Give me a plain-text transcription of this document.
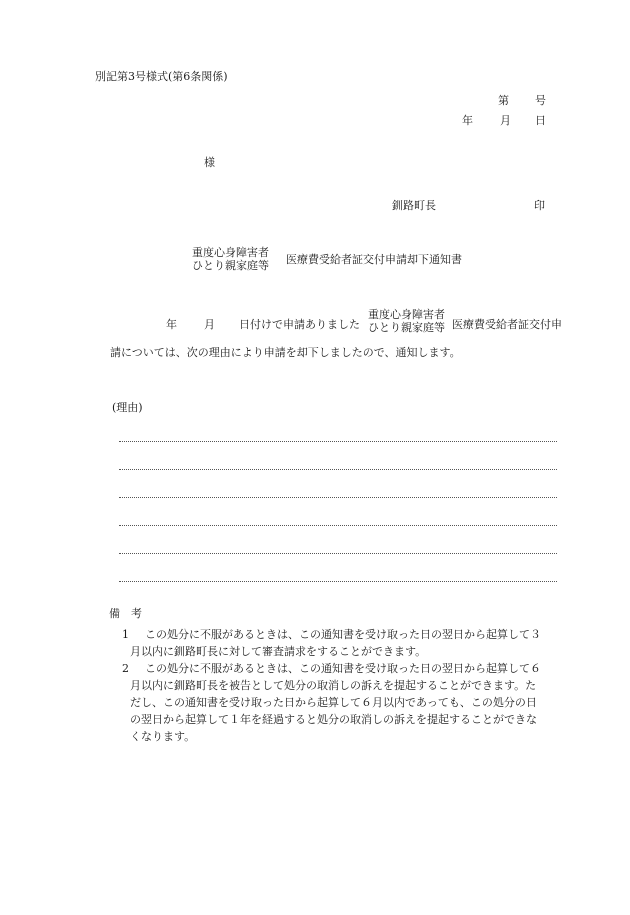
別記第3号様式(第6条関係)
第 号
年 月 日
様
釧路町長	印
重度心身障害者
ひとり親家庭等 医療費受給者証交付申請却下通知書
年 月 日付けで申請ありました
重度心身障害者
ひとり親家庭等 医療費受給者証交付申
請については、次の理由により申請を却下しましたので、通知します。
(理由)
備　考
1 この処分に不服があるときは、この通知書を受け取った日の翌日から起算して３
月以内に釧路町長に対して審査請求をすることができます。
2 この処分に不服があるときは、この通知書を受け取った日の翌日から起算して６
月以内に釧路町長を被告として処分の取消しの訴えを提起することができます。た
だし、この通知書を受け取った日から起算して６月以内であっても、この処分の日
の翌日から起算して１年を経過すると処分の取消しの訴えを提起することができな
くなります。
